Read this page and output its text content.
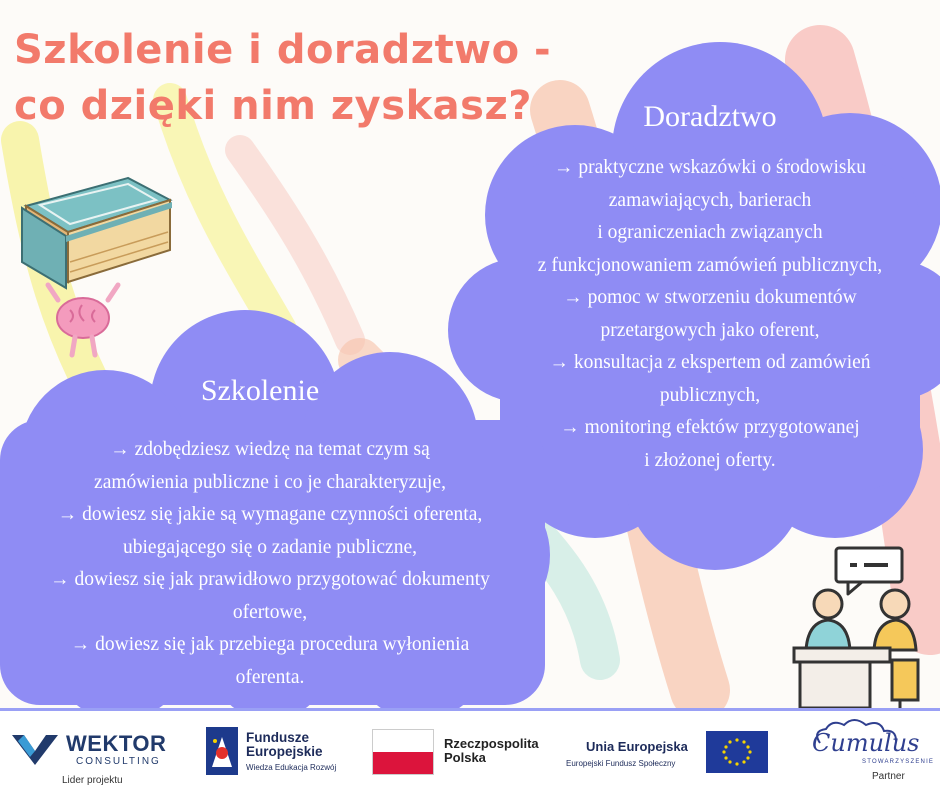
Szkolenie i doradztwo -
co dzięki nim zyskasz?	Doradztwo
→ praktyczne wskazówki o środowisku
zamawiających, barierach
i ograniczeniach związanych
z funkcjonowaniem zamówień publicznych,
→ pomoc w stworzeniu dokumentów
przetargowych jako oferent,
→ konsultacja z ekspertem od zamówień
publicznych,
→ monitoring efektów przygotowanej
i złożonej oferty.
Szkolenie
→ zdobędziesz wiedzę na temat czym są
zamówienia publiczne i co je charakteryzuje,
→ dowiesz się jakie są wymagane czynności oferenta,
ubiegającego się o zadanie publiczne,
→ dowiesz się jak prawidłowo przygotować dokumenty
ofertowe,
→ dowiesz się jak przebiega procedura wyłonienia
oferenta.
WEKTOR
CONSULTING
Lider projektu
Fundusze
Europejskie
Wiedza Edukacja Rozwój
Rzeczpospolita
Polska
Unia Europejska
Europejski Fundusz Społeczny
Cumulus
STOWARZYSZENIE
Partner
